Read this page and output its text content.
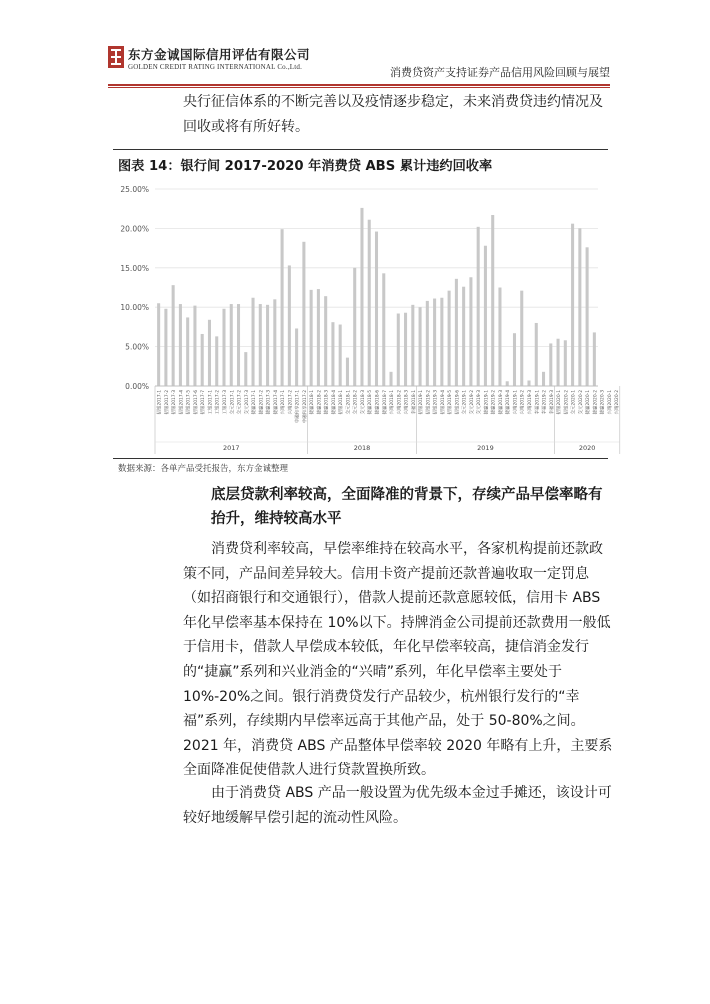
东方金诚国际信用评估有限公司
GOLDEN CREDIT RATING INTERNATIONAL Co.,Ltd.	消费贷资产支持证券产品信用风险回顾与展望
央行征信体系的不断完善以及疫情逐步稳定，未来消费贷违约情况及回收或将有所好转。
图表 14：银行间 2017-2020 年消费贷 ABS 累计违约回收率
25.00%
20.00%
15.00%
10.00%
5.00%
0.00%
招银2017-1 招银2017-2 招银2017-3 招银2017-4 招银2017-5 招银2017-6 招银2017-7 工银2017-1 工银2017-2 工银2017-3 交元2017-1 交元2017-2 交元2017-3 捷赢2017-1 捷赢2017-2 捷赢2017-3 捷赢2017-4 兴晴2017-1 兴晴2017-2 中融和享2017-1 中融和享2017-2 捷赢2018-1 捷赢2018-2 捷赢2018-3 捷赢2018-4 招银2018-1 交元2018-1 交元2018-2 交元2018-3 捷赢2018-5 捷赢2018-6 捷赢2018-7 兴晴2018-1 兴晴2018-2 兴晴2018-3 幸福2018-1 招银2019-1 招银2019-2 招银2019-3 招银2019-4 招银2019-5 招银2019-6 交元2019-1 交元2019-2 交元2019-3 捷赢2019-1 捷赢2019-2 捷赢2019-3 捷赢2019-4 兴晴2019-1 兴晴2019-2 兴晴2019-3 幸福2019-1 幸福2019-2 幸福2019-3 招银2020-1 招银2020-2 交元2020-1 交元2020-2 捷赢2020-1 捷赢2020-2 捷赢2020-3 兴晴2020-1 兴晴2020-2
2017	2018	2019	2020
数据来源：各单产品受托报告，东方金诚整理
底层贷款利率较高，全面降准的背景下，存续产品早偿率略有抬升，维持较高水平
消费贷利率较高，早偿率维持在较高水平，各家机构提前还款政策不同，产品间差异较大。信用卡资产提前还款普遍收取一定罚息（如招商银行和交通银行），借款人提前还款意愿较低，信用卡 ABS 年化早偿率基本保持在 10%以下。持牌消金公司提前还款费用一般低于信用卡，借款人早偿成本较低，年化早偿率较高，捷信消金发行的“捷赢”系列和兴业消金的“兴晴”系列，年化早偿率主要处于 10%-20%之间。银行消费贷发行产品较少，杭州银行发行的“幸福”系列，存续期内早偿率远高于其他产品，处于 50-80%之间。2021 年，消费贷 ABS 产品整体早偿率较 2020 年略有上升，主要系全面降准促使借款人进行贷款置换所致。
由于消费贷 ABS 产品一般设置为优先级本金过手摊还，该设计可较好地缓解早偿引起的流动性风险。
